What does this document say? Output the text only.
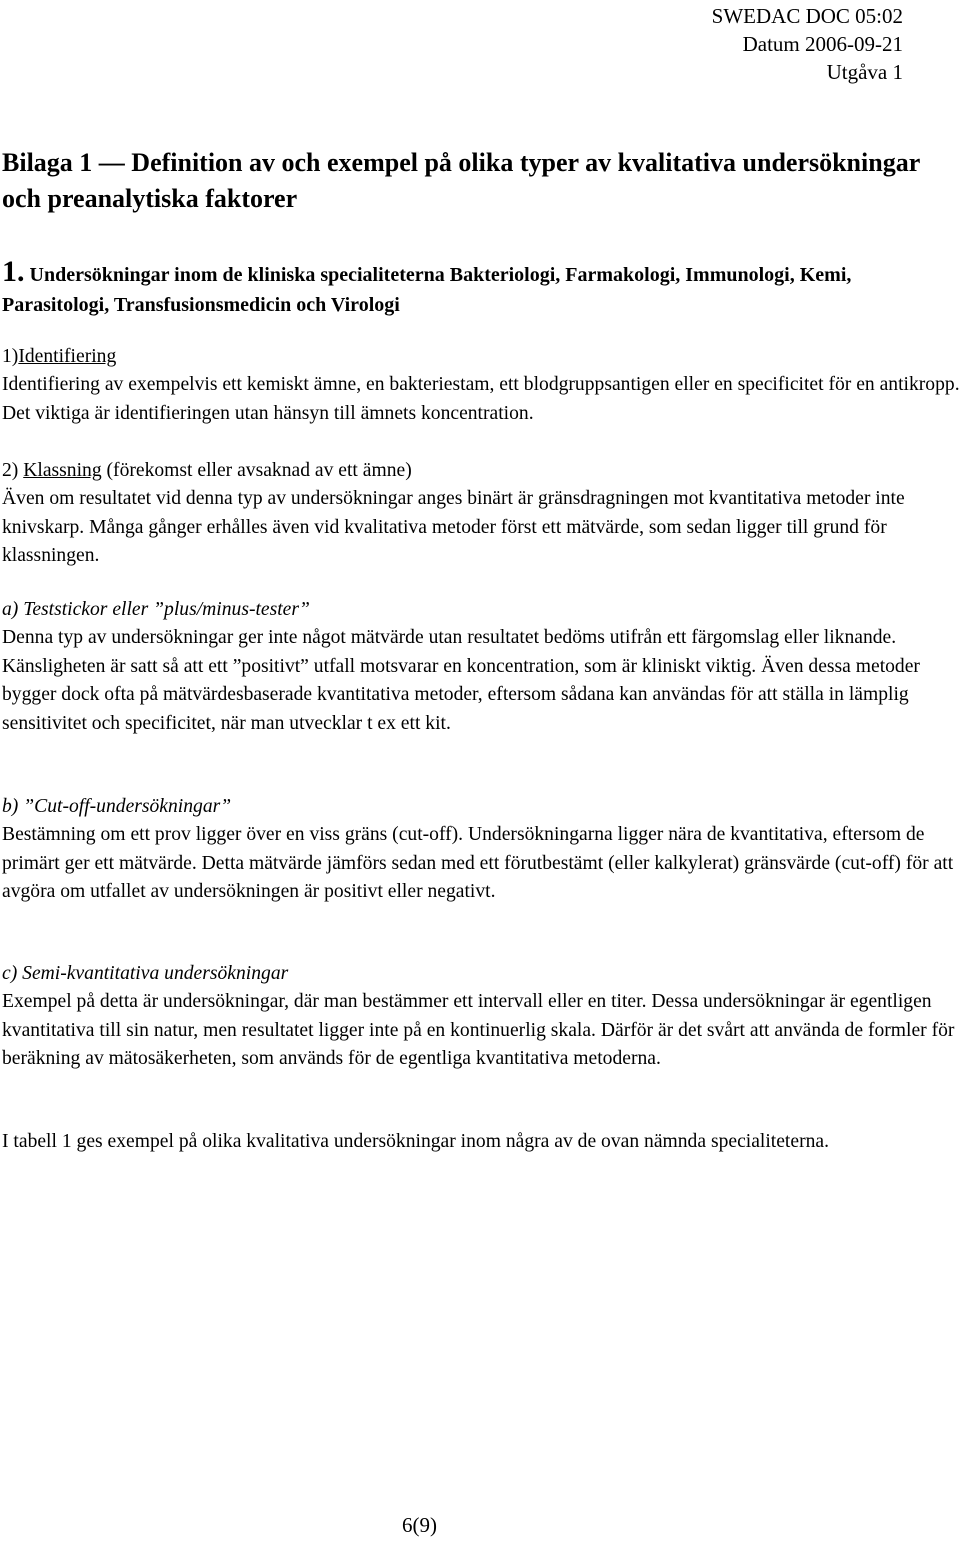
SWEDAC DOC 05:02
Datum 2006-09-21
Utgåva 1
Bilaga 1 — Definition av och exempel på olika typer av kvalitativa undersökningar och preanalytiska faktorer
1. Undersökningar inom de kliniska specialiteterna Bakteriologi, Farmakologi, Immunologi, Kemi, Parasitologi, Transfusionsmedicin och Virologi

1)Identifiering

Identifiering av exempelvis ett kemiskt ämne, en bakteriestam, ett blodgruppsantigen eller en specificitet för en antikropp. Det viktiga är identifieringen utan hänsyn till ämnets koncentration.

2) Klassning (förekomst eller avsaknad av ett ämne)

Även om resultatet vid denna typ av undersökningar anges binärt är gränsdragningen mot kvantitativa metoder inte knivskarp. Många gånger erhålles även vid kvalitativa metoder först ett mätvärde, som sedan ligger till grund för klassningen.

a) Teststickor eller ”plus/minus-tester”

Denna typ av undersökningar ger inte något mätvärde utan resultatet bedöms utifrån ett färgomslag eller liknande. Känsligheten är satt så att ett ”positivt” utfall motsvarar en koncentration, som är kliniskt viktig. Även dessa metoder bygger dock ofta på mätvärdesbaserade kvantitativa metoder, eftersom sådana kan användas för att ställa in lämplig sensitivitet och specificitet, när man utvecklar t ex ett kit.

b) ”Cut-off-undersökningar”

Bestämning om ett prov ligger över en viss gräns (cut-off). Undersökningarna ligger nära de kvantitativa, eftersom de primärt ger ett mätvärde. Detta mätvärde jämförs sedan med ett förutbestämt (eller kalkylerat) gränsvärde (cut-off) för att avgöra om utfallet av undersökningen är positivt eller negativt.

c) Semi-kvantitativa undersökningar

Exempel på detta är undersökningar, där man bestämmer ett intervall eller en titer. Dessa undersökningar är egentligen kvantitativa till sin natur, men resultatet ligger inte på en kontinuerlig skala. Därför är det svårt att använda de formler för beräkning av mätosäkerheten, som används för de egentliga kvantitativa metoderna.

I tabell 1 ges exempel på olika kvalitativa undersökningar inom några av de ovan nämnda specialiteterna.

6(9)
